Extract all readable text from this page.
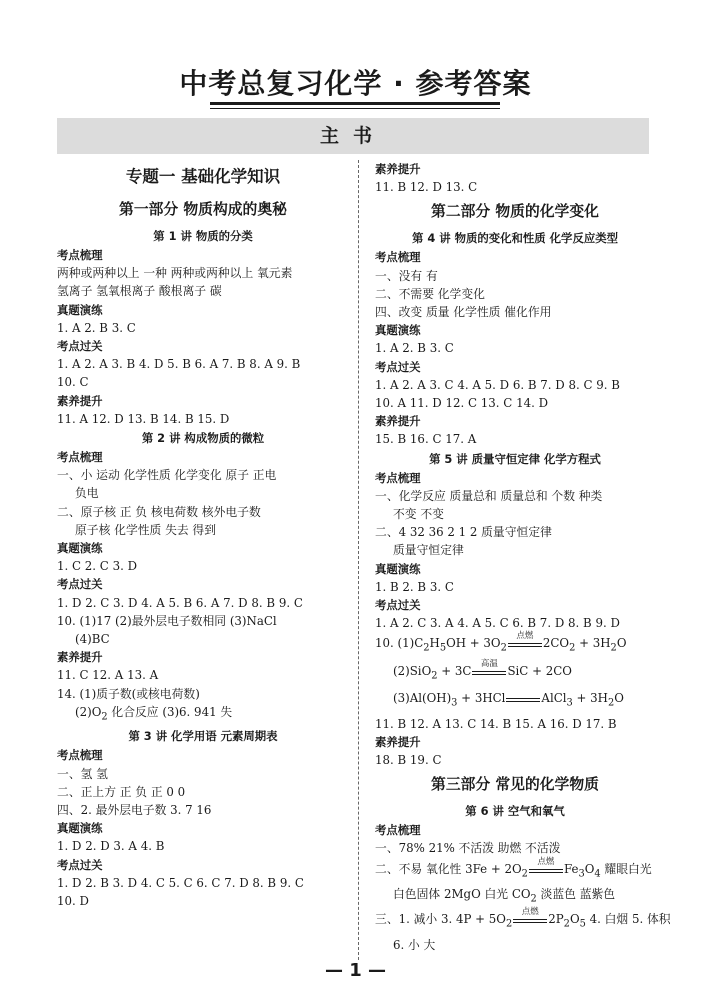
中考总复习化学 · 参考答案
主书
专题一 基础化学知识
第一部分 物质构成的奥秘
第 1 讲 物质的分类
考点梳理
两种或两种以上 一种 两种或两种以上 氧元素
氢离子 氢氧根离子 酸根离子 碳
真题演练
1. A 2. B 3. C
考点过关
1. A 2. A 3. B 4. D 5. B 6. A 7. B 8. A 9. B
10. C
素养提升
11. A 12. D 13. B 14. B 15. D
第 2 讲 构成物质的微粒
考点梳理
一、小 运动 化学性质 化学变化 原子 正电
负电
二、原子核 正 负 核电荷数 核外电子数
原子核 化学性质 失去 得到
真题演练
1. C 2. C 3. D
考点过关
1. D 2. C 3. D 4. A 5. B 6. A 7. D 8. B 9. C
10. (1)17 (2)最外层电子数相同 (3)NaCl
(4)BC
素养提升
11. C 12. A 13. A
14. (1)质子数(或核电荷数)
$(2)O_2$ 化合反应 (3)6. 941 失
第 3 讲 化学用语 元素周期表
考点梳理
一、氢 氢
二、正上方 正 负 正 0 0
四、2. 最外层电子数 3. 7 16
真题演练
1. D 2. D 3. A 4. B
考点过关
1. D 2. B 3. D 4. C 5. C 6. C 7. D 8. B 9. C
10. D
素养提升
11. B 12. D 13. C
第二部分 物质的化学变化
第 4 讲 物质的变化和性质 化学反应类型
考点梳理
一、没有 有
二、不需要 化学变化
四、改变 质量 化学性质 催化作用
真题演练
1. A 2. B 3. C
考点过关
1. A 2. A 3. C 4. A 5. D 6. B 7. D 8. C 9. B
10. A 11. D 12. C 13. C 14. D
素养提升
15. B 16. C 17. A
第 5 讲 质量守恒定律 化学方程式
考点梳理
一、化学反应 质量总和 质量总和 个数 种类
不变 不变
二、4 32 36 2 1 2 质量守恒定律
质量守恒定律
真题演练
1. B 2. B 3. C
考点过关
1. A 2. C 3. A 4. A 5. C 6. B 7. D 8. B 9. D
10. $(1)C_2H_5OH + 3O_2$
点燃 $2CO_2 + 3H_2O$
(2)SiO$_2$ + 3C	高温 SiC + 2CO
$(3)Al(OH)_3 + 3HCl$	AlCl$_3$ + $3H_2O$
11. B 12. A 13. C 14. B 15. A 16. D 17. B
素养提升
18. B 19. C
第三部分 常见的化学物质
第 6 讲 空气和氧气
考点梳理
一、78% 21% 不活泼 助燃 不活泼
二、不易 氧化性 $3Fe + 2O_2$
点燃 $Fe_3O_4$ 耀眼白光
白色固体 2MgO 白光 $CO_2$ 淡蓝色 蓝紫色
三、1. 减小 3. $4P + 5O_2$
点燃 $2P_2O_5$ 4. 白烟 5. 体积
6. 小 大
— 1 —
